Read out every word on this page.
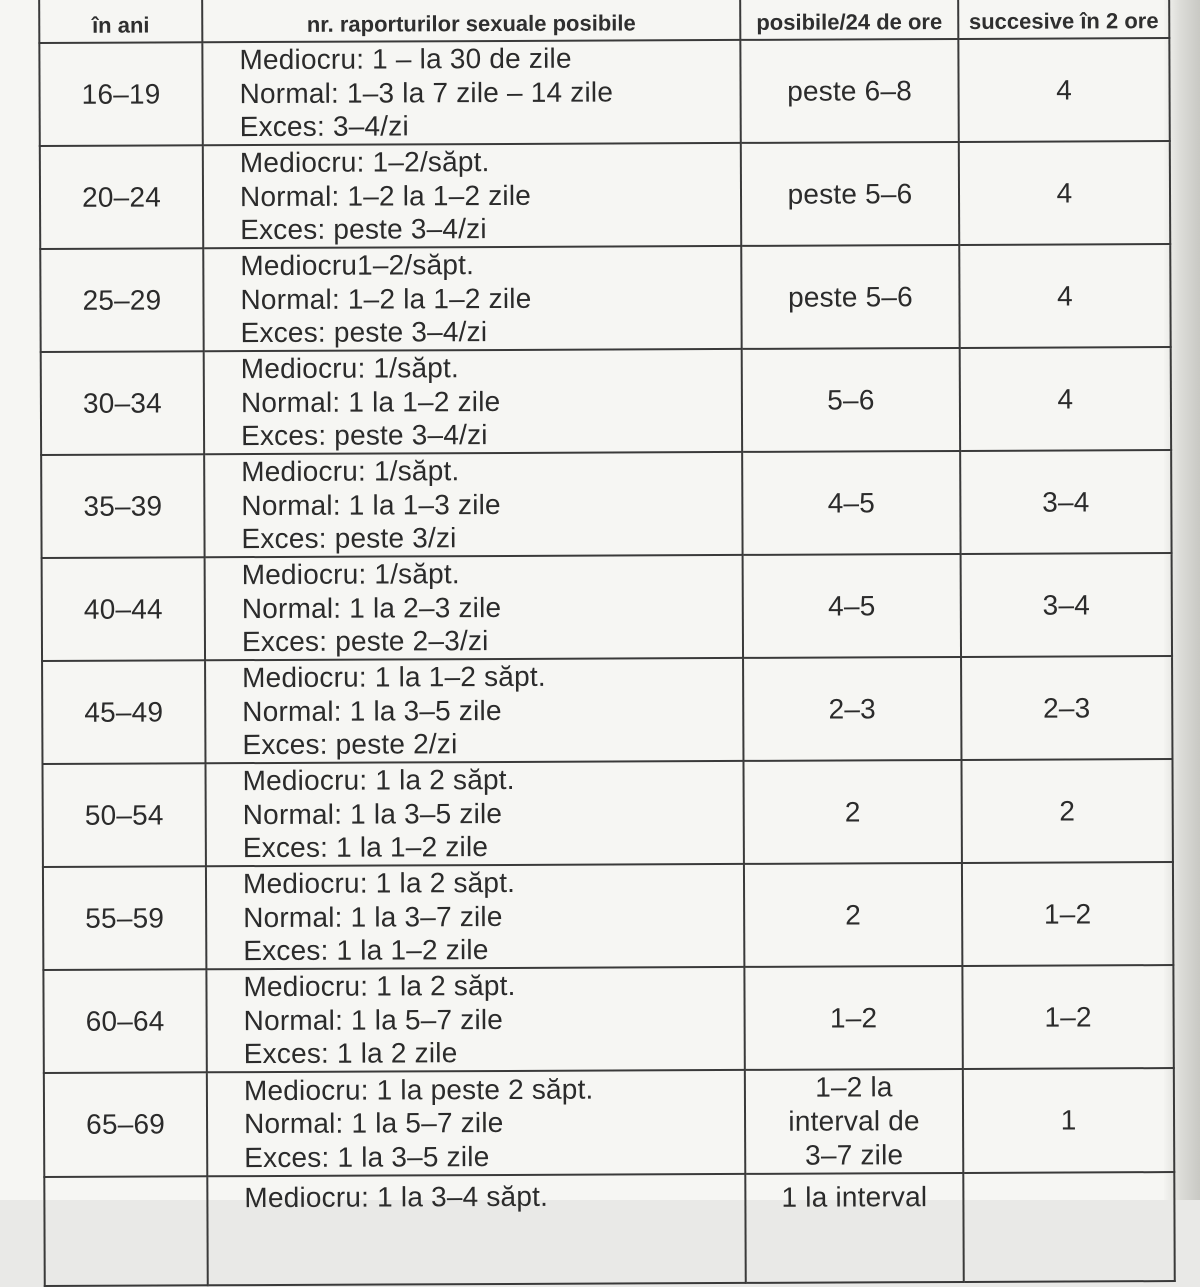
în ani	nr. raporturilor sexuale posibile	posibile/24 de ore	succesive în 2 ore

16–19	Mediocru: 1 – la 30 de zile
Normal: 1–3 la 7 zile – 14 zile
Exces: 3–4/zi	peste 6–8	4
20–24	Mediocru: 1–2/săpt.
Normal: 1–2 la 1–2 zile
Exces: peste 3–4/zi	peste 5–6	4
25–29	Mediocru1–2/săpt.
Normal: 1–2 la 1–2 zile
Exces: peste 3–4/zi	peste 5–6	4
30–34	Mediocru: 1/săpt.
Normal: 1 la 1–2 zile
Exces: peste 3–4/zi	5–6	4
35–39	Mediocru: 1/săpt.
Normal: 1 la 1–3 zile
Exces: peste 3/zi	4–5	3–4
40–44	Mediocru: 1/săpt.
Normal: 1 la 2–3 zile
Exces: peste 2–3/zi	4–5	3–4
45–49	Mediocru: 1 la 1–2 săpt.
Normal: 1 la 3–5 zile
Exces: peste 2/zi	2–3	2–3
50–54	Mediocru: 1 la 2 săpt.
Normal: 1 la 3–5 zile
Exces: 1 la 1–2 zile	2	2
55–59	Mediocru: 1 la 2 săpt.
Normal: 1 la 3–7 zile
Exces: 1 la 1–2 zile	2	1–2
60–64	Mediocru: 1 la 2 săpt.
Normal: 1 la 5–7 zile
Exces: 1 la 2 zile	1–2	1–2
65–69	Mediocru: 1 la peste 2 săpt.
Normal: 1 la 5–7 zile
Exces: 1 la 3–5 zile	1–2 la
interval de
3–7 zile	1

	Mediocru: 1 la 3–4 săpt.	1 la interval	
